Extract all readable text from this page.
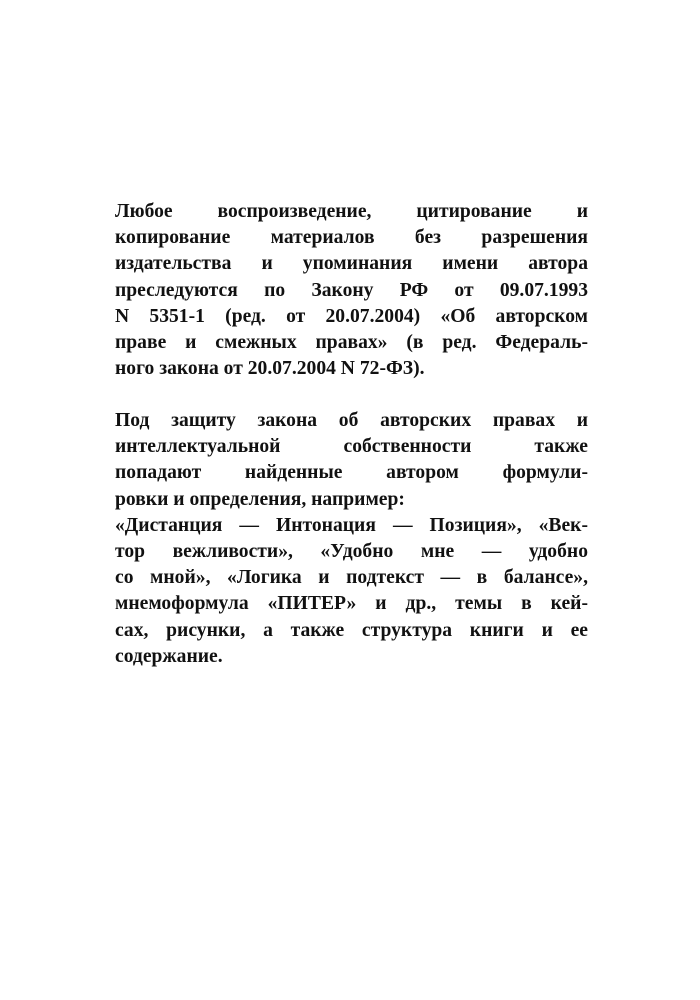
Любое воспроизведение, цитирование и
копирование материалов без разрешения
издательства и упоминания имени автора
преследуются по Закону РФ от 09.07.1993
N 5351-1 (ред. от 20.07.2004) «Об авторском
праве и смежных правах» (в ред. Федераль-
ного закона от 20.07.2004 N 72-ФЗ).
Под защиту закона об авторских правах и
интеллектуальной собственности также
попадают найденные автором формули-
ровки и определения, например:
«Дистанция — Интонация — Позиция», «Век-
тор вежливости», «Удобно мне — удобно
со мной», «Логика и подтекст — в балансе»,
мнемоформула «ПИТЕР» и др., темы в кей-
сах, рисунки, а также структура книги и ее
содержание.
